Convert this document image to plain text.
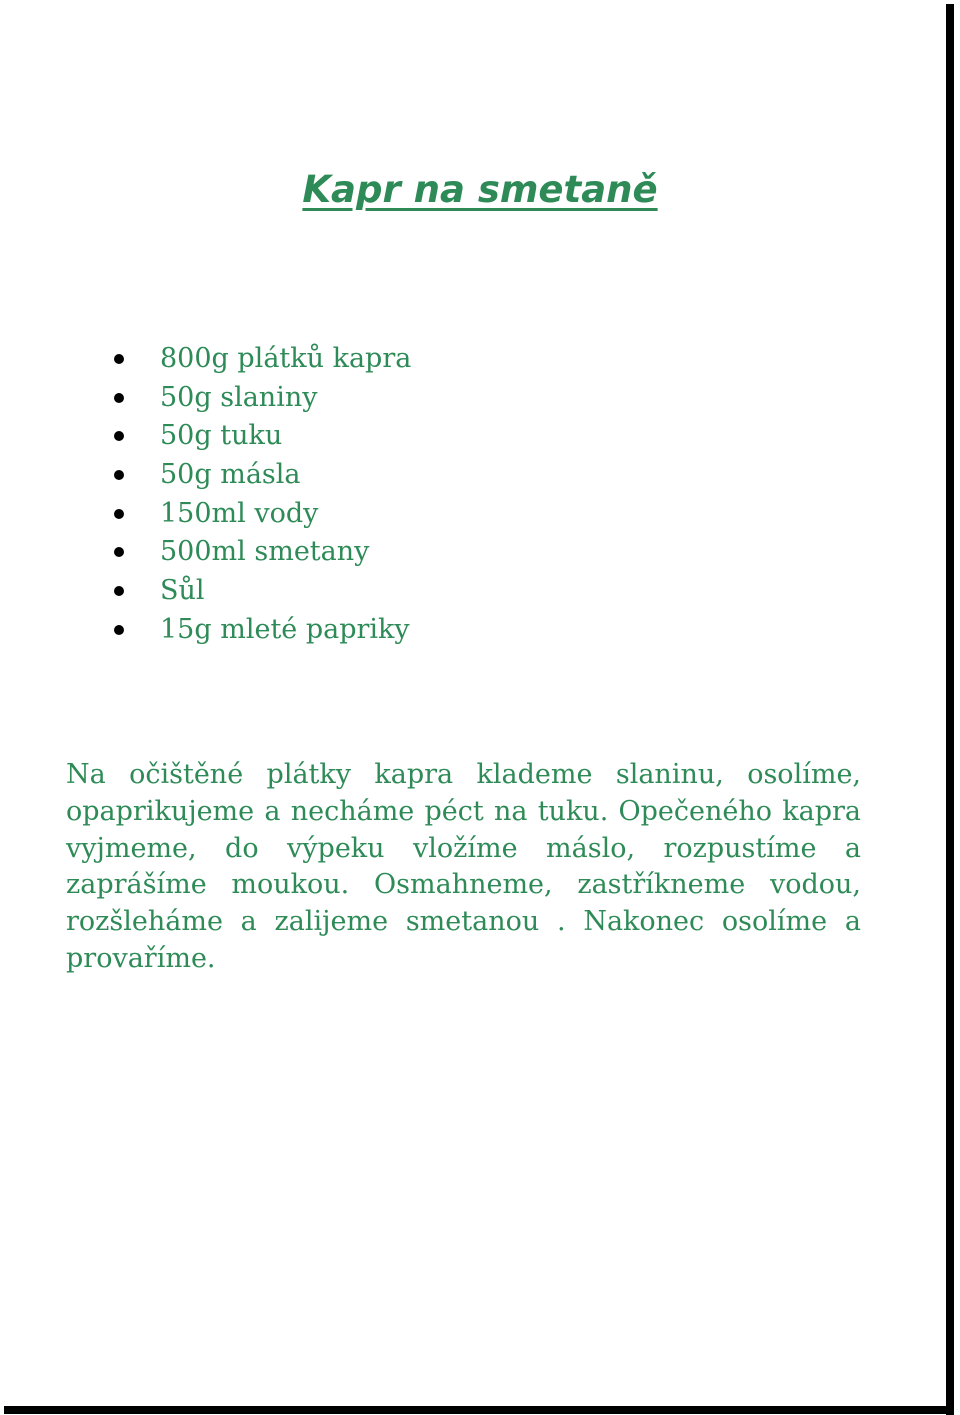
Kapr na smetaně
800g plátků kapra
50g slaniny
50g tuku
50g másla
150ml vody
500ml smetany
Sůl
15g mleté papriky

Na očištěné plátky kapra klademe slaninu, osolíme, opaprikujeme a necháme péct na tuku. Opečeného kapra vyjmeme, do výpeku vložíme máslo, rozpustíme a zaprášíme moukou. Osmahneme, zastříkneme vodou, rozšleháme a zalijeme smetanou . Nakonec osolíme a provaříme.
